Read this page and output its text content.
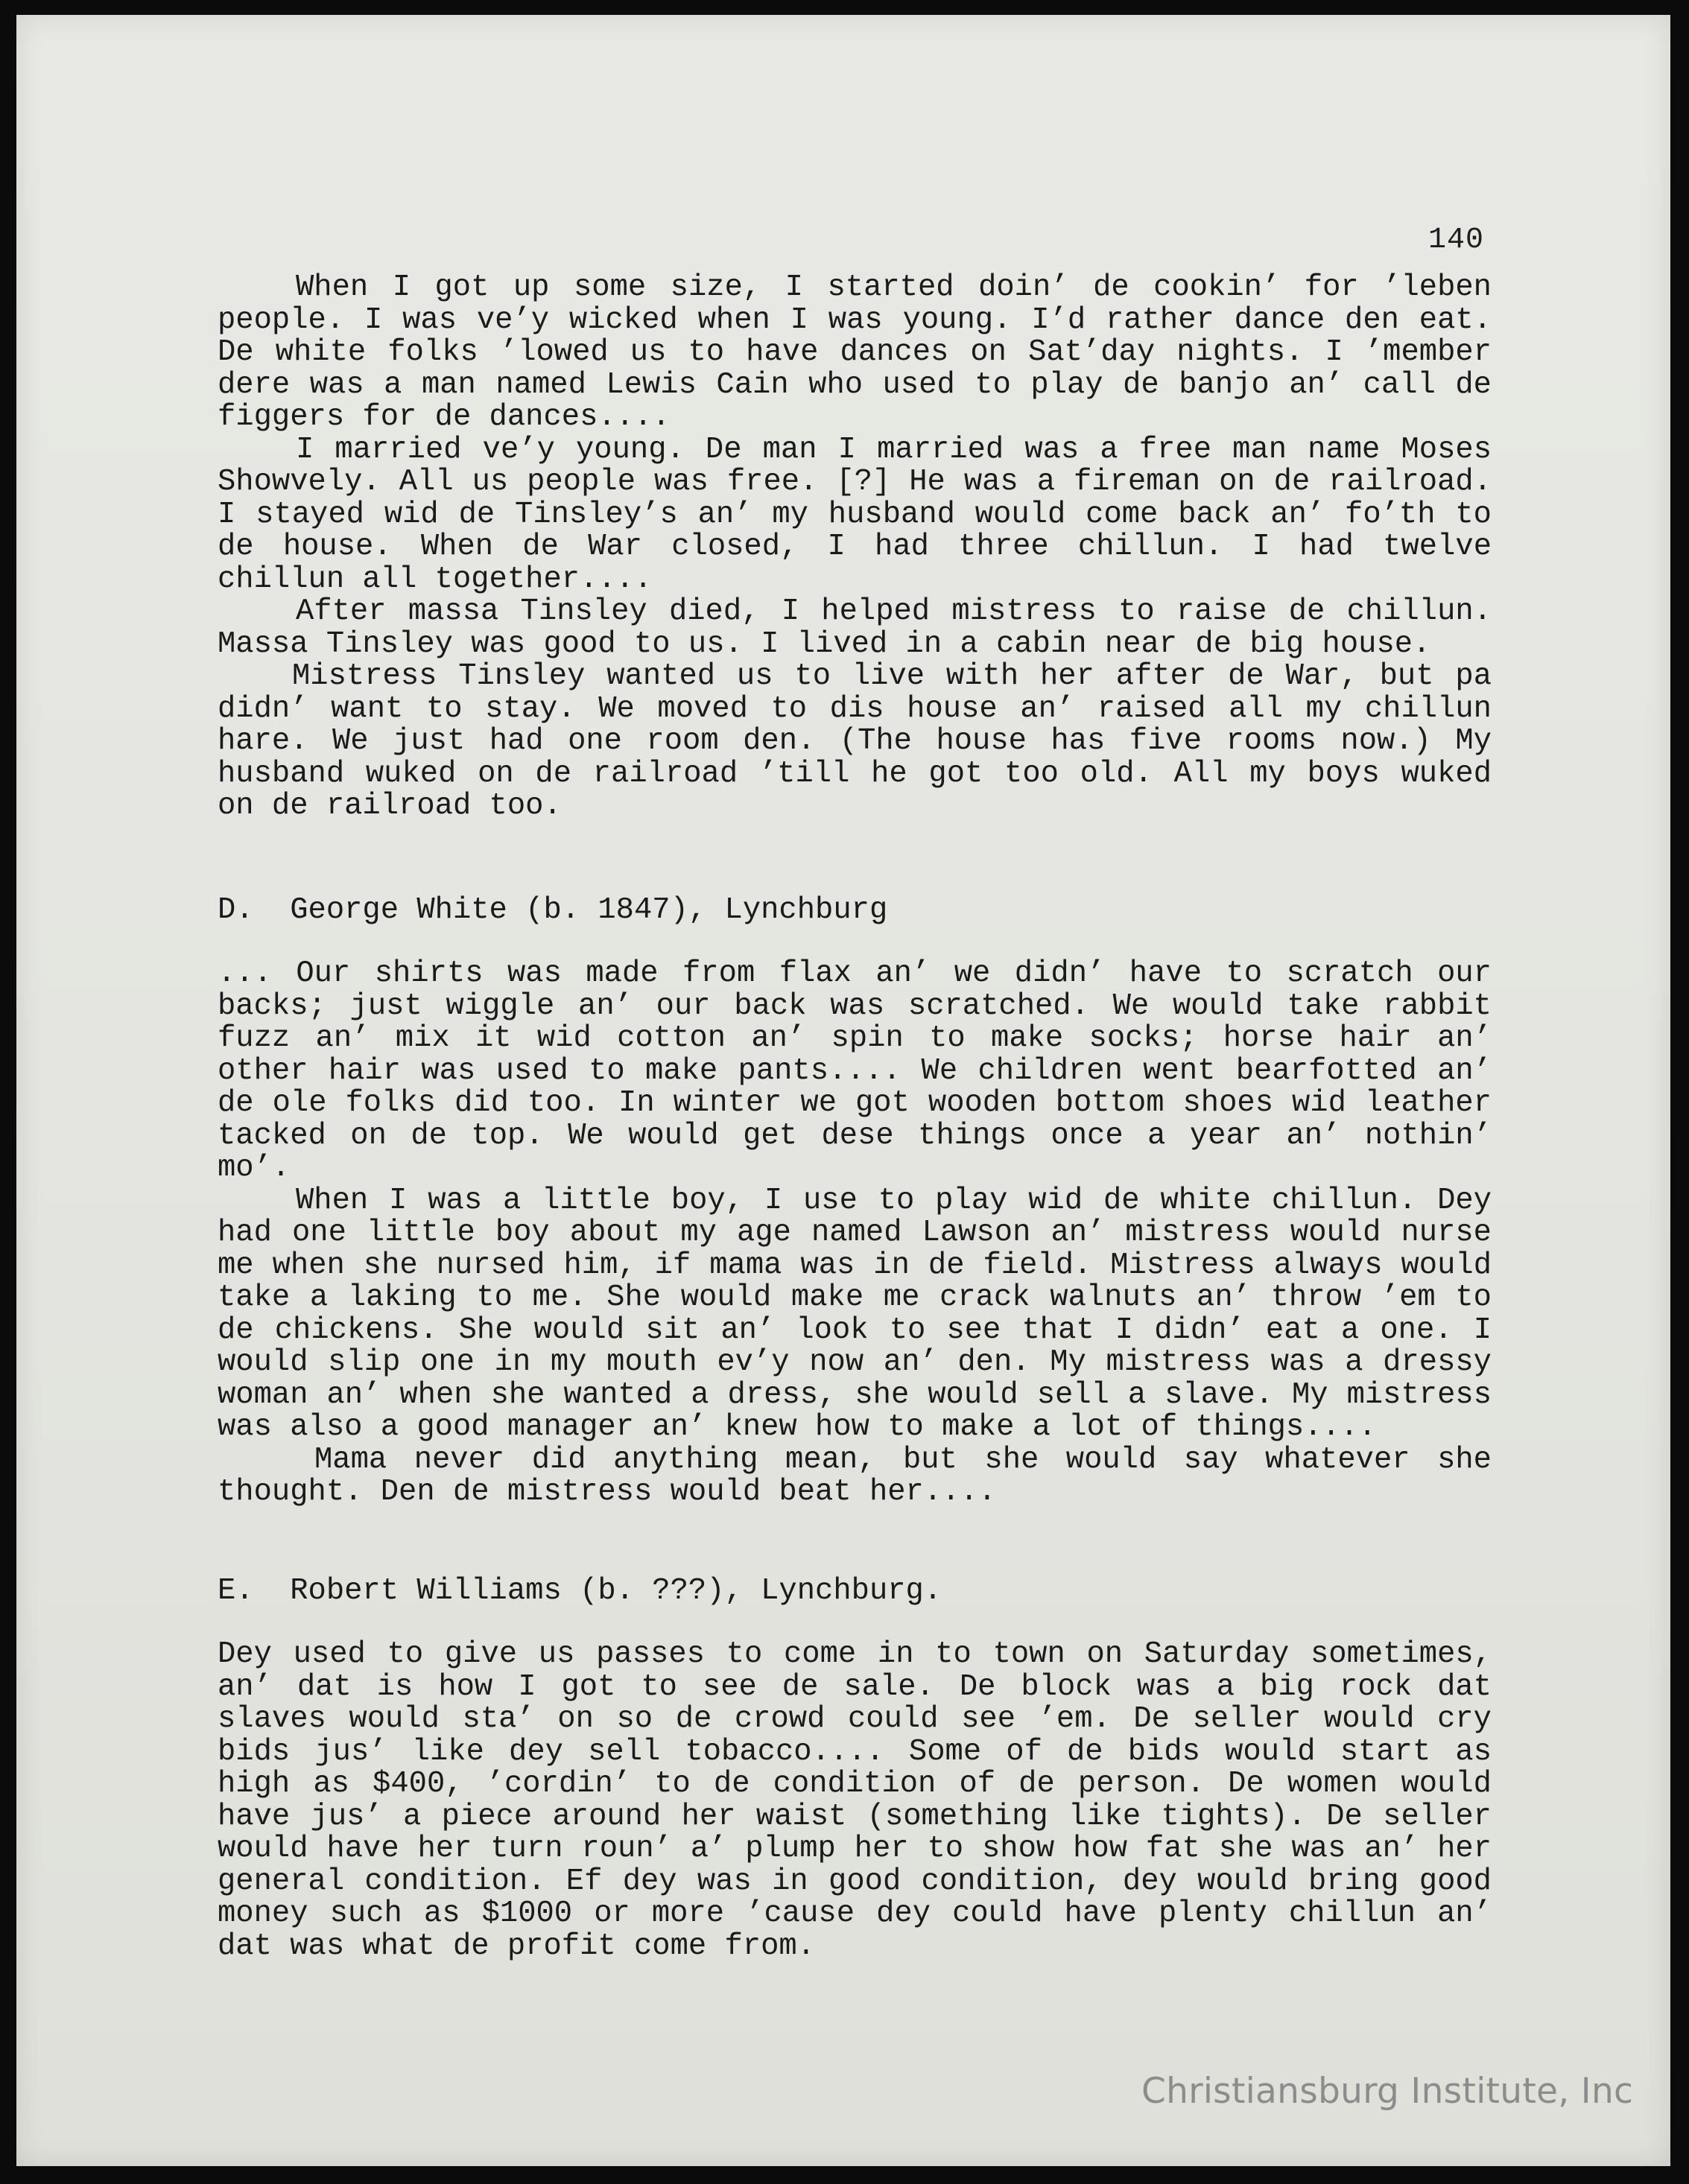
140

When I got up some size, I started doin’ de cookin’ for ’leben people. I was ve’y wicked when I was young. I’d rather dance den eat. De white folks ’lowed us to have dances on Sat’day nights. I ’member dere was a man named Lewis Cain who used to play de banjo an’ call de figgers for de dances....

I married ve’y young. De man I married was a free man name Moses Showvely. All us people was free. [?] He was a fireman on de railroad. I stayed wid de Tinsley’s an’ my husband would come back an’ fo’th to de house. When de War closed, I had three chillun. I had twelve chillun all together....

After massa Tinsley died, I helped mistress to raise de chillun. Massa Tinsley was good to us. I lived in a cabin near de big house.

Mistress Tinsley wanted us to live with her after de War, but pa didn’ want to stay. We moved to dis house an’ raised all my chillun hare. We just had one room den. (The house has five rooms now.) My husband wuked on de railroad ’till he got too old. All my boys wuked on de railroad too.

D.  George White (b. 1847), Lynchburg

... Our shirts was made from flax an’ we didn’ have to scratch our backs; just wiggle an’ our back was scratched. We would take rabbit fuzz an’ mix it wid cotton an’ spin to make socks; horse hair an’ other hair was used to make pants.... We children went bearfotted an’ de ole folks did too. In winter we got wooden bottom shoes wid leather tacked on de top. We would get dese things once a year an’ nothin’ mo’.

When I was a little boy, I use to play wid de white chillun. Dey had one little boy about my age named Lawson an’ mistress would nurse me when she nursed him, if mama was in de field. Mistress always would take a laking to me. She would make me crack walnuts an’ throw ’em to de chickens. She would sit an’ look to see that I didn’ eat a one. I would slip one in my mouth ev’y now an’ den. My mistress was a dressy woman an’ when she wanted a dress, she would sell a slave. My mistress was also a good manager an’ knew how to make a lot of things....

Mama never did anything mean, but she would say whatever she thought. Den de mistress would beat her....

E.  Robert Williams (b. ???), Lynchburg.

Dey used to give us passes to come in to town on Saturday sometimes, an’ dat is how I got to see de sale. De block was a big rock dat slaves would sta’ on so de crowd could see ’em. De seller would cry bids jus’ like dey sell tobacco.... Some of de bids would start as high as $400, ’cordin’ to de condition of de person. De women would have jus’ a piece around her waist (something like tights). De seller would have her turn roun’ a’ plump her to show how fat she was an’ her general condition. Ef dey was in good condition, dey would bring good money such as $1000 or more ’cause dey could have plenty chillun an’ dat was what de profit come from.

Christiansburg Institute, Inc
